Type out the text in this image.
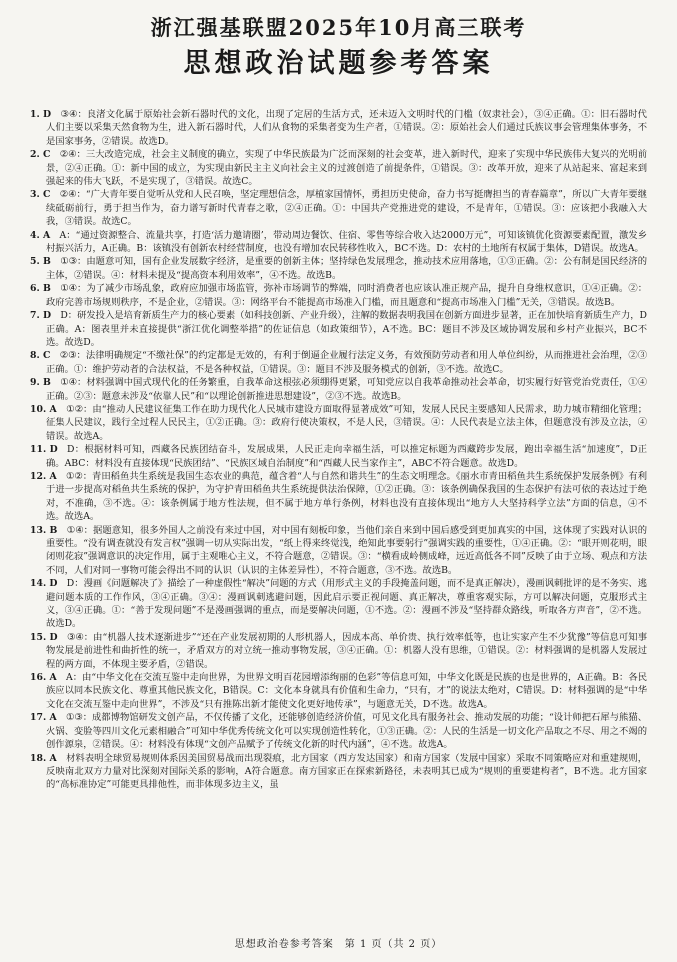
浙江强基联盟2025年10月高三联考
思想政治试题参考答案

1. D  ③④：良渚文化属于原始社会新石器时代的文化，出现了定居的生活方式，还未迈入文明时代的门槛（奴隶社会），③④正确。①：旧石器时代人们主要以采集天然食物为生，进入新石器时代，人们从食物的采集者变为生产者，①错误。②：原始社会人们通过氏族议事会管理集体事务，不是国家事务，②错误。故选D。

2. C  ②④：三大改造完成，社会主义制度的确立，实现了中华民族最为广泛而深刻的社会变革，进入新时代，迎来了实现中华民族伟大复兴的光明前景，②④正确。①：新中国的成立，为实现由新民主主义向社会主义的过渡创造了前提条件，①错误。③：改革开放，迎来了从站起来、富起来到强起来的伟大飞跃，不是实现了，③错误。故选C。

3. C  ②④：“广大青年要自觉听从党和人民召唤，坚定理想信念，厚植家国情怀，勇担历史使命，奋力书写挺膺担当的青春篇章”，所以广大青年要继续砥砺前行，勇于担当作为，奋力谱写新时代青春之歌，②④正确。①：中国共产党推进党的建设，不是青年，①错误。③：应该把小我融入大我，③错误。故选C。

4. A  A：“通过资源整合、流量共享，打造‘活力邀请圈’，带动周边餐饮、住宿、零售等综合收入达2000万元”，可知该镇优化资源要素配置，激发乡村振兴活力，A正确。B：该镇没有创新农村经营制度，也没有增加农民转移性收入，BC不选。D：农村的土地所有权属于集体，D错误。故选A。

5. B  ①③：由题意可知，国有企业发展数字经济，是重要的创新主体；坚持绿色发展理念，推动技术应用落地，①③正确。②：公有制是国民经济的主体，②错误。④：材料未提及“提高资本利用效率”，④不选。故选B。

6. B  ①④：为了减少市场乱象，政府应加强市场监管，弥补市场调节的弊端，同时消费者也应该认准正规产品，提升自身维权意识，①④正确。②：政府完善市场规则秩序，不是企业，②错误。③：网络平台不能提高市场准入门槛，而且题意和“提高市场准入门槛”无关，③错误。故选B。

7. D  D：研发投入是培育新质生产力的核心要素（如科技创新、产业升级），注解的数据表明我国在创新方面进步显著，正在加快培育新质生产力，D正确。A：图表里并未直接提供“浙江优化调整举措”的佐证信息（如政策细节），A不选。BC：题目不涉及区域协调发展和乡村产业振兴，BC不选。故选D。

8. C  ②③：法律明确规定“不缴社保”的约定都是无效的，有利于倒逼企业履行法定义务，有效预防劳动者和用人单位纠纷，从而推进社会治理，②③正确。①：维护劳动者的合法权益，不是各种权益，①错误。③：题目不涉及服务模式的创新，③不选。故选C。

9. B  ①④：材料强调中国式现代化的任务繁重，自我革命这根弦必须绷得更紧，可知党应以自我革命推动社会革命，切实履行好管党治党责任，①④正确。②③：题意未涉及“依靠人民”和“以理论创新推进思想建设”，②③不选。故选B。

10. A  ①②：由“推动人民建议征集工作在助力现代化人民城市建设方面取得显著成效”可知，发展人民民主要感知人民需求，助力城市精细化管理；征集人民建议，践行全过程人民民主，①②正确。③：政府行使决策权，不是人民，③错误。④：人民代表是立法主体，但题意没有涉及立法，④错误。故选A。

11. D  D：根据材料可知，西藏各民族团结奋斗，发展成果，人民正走向幸福生活，可以推定标题为西藏跨步发展，跑出幸福生活“加速度”，D正确。ABC：材料没有直接体现“民族团结”、“民族区域自治制度”和“西藏人民当家作主”，ABC不符合题意。故选D。

12. A  ①②：青田稻鱼共生系统是我国生态农业的典范，蕴含着“人与自然和谐共生”的生态文明理念。《丽水市青田稻鱼共生系统保护发展条例》有利于进一步提高对稻鱼共生系统的保护，为守护青田稻鱼共生系统提供法治保障，①②正确。③：该条例确保我国的生态保护有法可依的表达过于绝对，不准确，③不选。④：该条例属于地方性法规，但不属于地方单行条例，材料也没有直接体现出“地方人大坚持科学立法”方面的信息，④不选。故选A。

13. B  ①④：据题意知，很多外国人之前没有来过中国，对中国有刻板印象，当他们亲自来到中国后感受到更加真实的中国，这体现了实践对认识的重要性。“没有调查就没有发言权”强调一切从实际出发，“纸上得来终觉浅，绝知此事要躬行”强调实践的重要性，①④正确。②：“眼开则花明，眼闭则花寂”强调意识的决定作用，属于主观唯心主义，不符合题意，②错误。③：“横看成岭侧成峰，远近高低各不同”反映了由于立场、观点和方法不同，人们对同一事物可能会得出不同的认识（认识的主体差异性），不符合题意，③不选。故选B。

14. D  D：漫画《问题解决了》描绘了一种虚假性“解决”问题的方式（用形式主义的手段掩盖问题，而不是真正解决），漫画讽刺批评的是不务实、逃避问题本质的工作作风，③④正确。③④：漫画讽刺逃避问题，因此启示要正视问题、真正解决，尊重客观实际，方可以解决问题，克服形式主义，③④正确。①：“善于发现问题”不是漫画强调的重点，而是要解决问题，①不选。②：漫画不涉及“坚持群众路线，听取各方声音”，②不选。故选D。

15. D  ③④：由“机器人技术逐渐进步”“还在产业发展初期的人形机器人，因成本高、单价贵、执行效率低等，也让实家产生不少犹豫”等信息可知事物发展是前进性和曲折性的统一，矛盾双方的对立统一推动事物发展，③④正确。①：机器人没有思维，①错误。②：材料强调的是机器人发展过程的两方面，不体现主要矛盾，②错误。

16. A  A：由“中华文化在交流互鉴中走向世界，为世界文明百花园增添绚丽的色彩”等信息可知，中华文化既是民族的也是世界的，A正确。B：各民族应以同本民族文化、尊重其他民族文化，B错误。C：文化本身就具有价值和生命力，“只有，才”的说法太绝对，C错误。D：材料强调的是“中华文化在交流互鉴中走向世界”，不涉及“只有推陈出新才能使文化更好地传承”，与题意无关，D不选。故选A。

17. A  ①③：成都博物馆研发文创产品，不仅传播了文化，还能够创造经济价值，可见文化具有服务社会、推动发展的功能；“设计师把石犀与熊猫、火锅、变脸等四川文化元素相融合”可知中华优秀传统文化可以实现创造性转化，①③正确。②：人民的生活是一切文化产品取之不尽、用之不竭的创作源泉，②错误。④：材料没有体现“文创产品赋予了传统文化新的时代内涵”，④不选。故选A。

18. A  材料表明全球贸易规则体系因美国贸易战而出现裂痕，北方国家（西方发达国家）和南方国家（发展中国家）采取不同策略应对和重建规则，反映南北双方力量对比深刻对国际关系的影响，A符合题意。南方国家正在探索新路径，未表明其已成为“规则的重要建构者”，B不选。北方国家的“高标准协定”可能更具排他性，而非体现多边主义，虽

思想政治卷参考答案　第 1 页（共 2 页）
